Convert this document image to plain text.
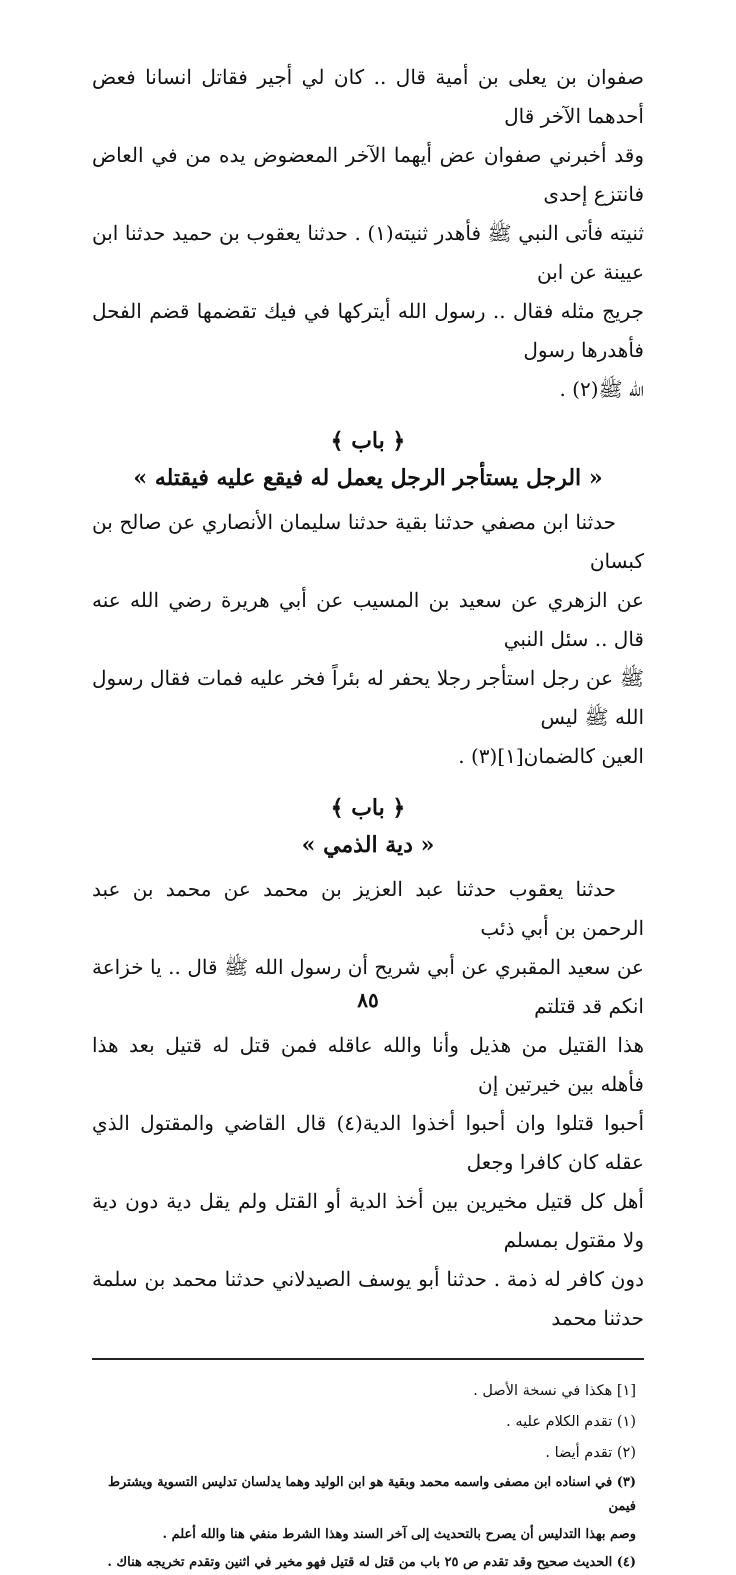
صفوان بن يعلى بن أمية قال .. كان لي أجير فقاتل انسانا فعض أحدهما الآخر قال

وقد أخبرني صفوان عض أيهما الآخر المعضوض يده من في العاض فانتزع إحدى

ثنيته فأتى النبي ﷺ فأهدر ثنيته(١) . حدثنا يعقوب بن حميد حدثنا ابن عيينة عن ابن

جريج مثله فقال .. رسول الله أيتركها في فيك تقضمها قضم الفحل فأهدرها رسول

الله ﷺ(٢) .

﴿ باب ﴾
« الرجل يستأجر الرجل يعمل له فيقع عليه فيقتله »

حدثنا ابن مصفي حدثنا بقية حدثنا سليمان الأنصاري عن صالح بن كبسان

عن الزهري عن سعيد بن المسيب عن أبي هريرة رضي الله عنه قال .. سئل النبي

ﷺ عن رجل استأجر رجلا يحفر له بئراً فخر عليه فمات فقال رسول الله ﷺ ليس

العين كالضمان[١](٣) .

﴿ باب ﴾
« دية الذمي »

حدثنا يعقوب حدثنا عبد العزيز بن محمد عن محمد بن عبد الرحمن بن أبي ذئب

عن سعيد المقبري عن أبي شريح أن رسول الله ﷺ قال .. يا خزاعة انكم قد قتلتم

هذا القتيل من هذيل وأنا والله عاقله فمن قتل له قتيل بعد هذا فأهله بين خيرتين إن

أحبوا قتلوا وان أحبوا أخذوا الدية(٤) قال القاضي والمقتول الذي عقله كان كافرا وجعل

أهل كل قتيل مخيرين بين أخذ الدية أو القتل ولم يقل دية دون دية ولا مقتول بمسلم

دون كافر له ذمة . حدثنا أبو يوسف الصيدلاني حدثنا محمد بن سلمة حدثنا محمد

[١] هكذا في نسخة الأصل .

(١) تقدم الكلام عليه .

(٢) تقدم أيضا .

(٣) في اسناده ابن مصفى واسمه محمد وبقية هو ابن الوليد وهما يدلسان تدليس التسوية ويشترط فيمن

وصم بهذا التدليس أن يصرح بالتحديث إلى آخر السند وهذا الشرط منفي هنا والله أعلم .

(٤) الحديث صحيح وقد تقدم ص ٢٥ باب من قتل له قتيل فهو مخير في اثنين وتقدم تخريجه هناك .

٨٥
